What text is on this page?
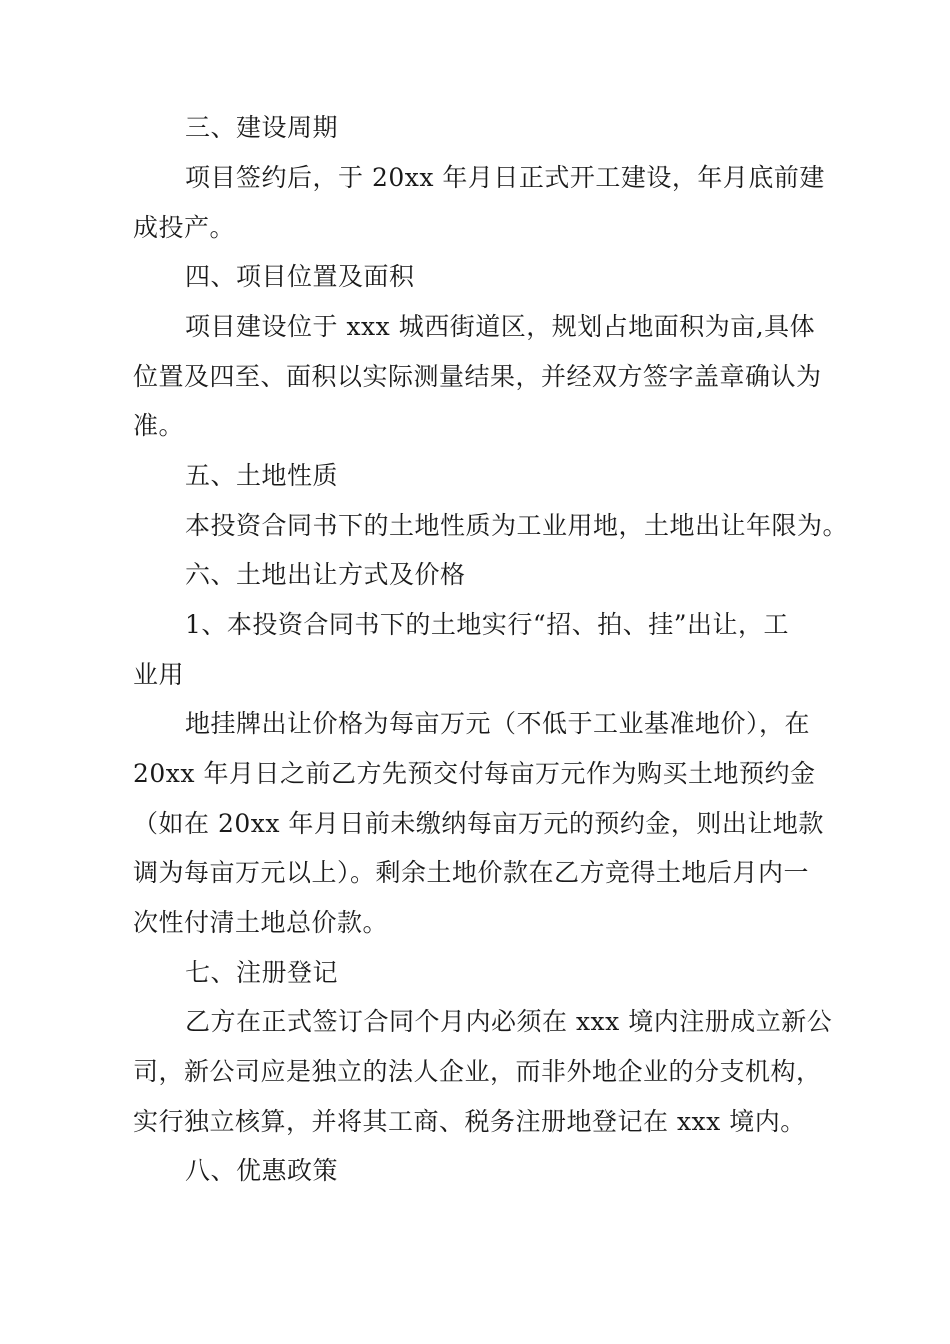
三、建设周期
项目签约后，于 20xx 年月日正式开工建设，年月底前建
成投产。
四、项目位置及面积
项目建设位于 xxx 城西街道区，规划占地面积为亩,具体
位置及四至、面积以实际测量结果，并经双方签字盖章确认为
准。
五、土地性质
本投资合同书下的土地性质为工业用地，土地出让年限为。
六、土地出让方式及价格
1、本投资合同书下的土地实行“招、拍、挂”出让，工
业用
地挂牌出让价格为每亩万元（不低于工业基准地价），在
20xx 年月日之前乙方先预交付每亩万元作为购买土地预约金
（如在 20xx 年月日前未缴纳每亩万元的预约金，则出让地款
调为每亩万元以上）。剩余土地价款在乙方竞得土地后月内一
次性付清土地总价款。
七、注册登记
乙方在正式签订合同个月内必须在 xxx 境内注册成立新公
司，新公司应是独立的法人企业，而非外地企业的分支机构，
实行独立核算，并将其工商、税务注册地登记在 xxx 境内。
八、优惠政策
